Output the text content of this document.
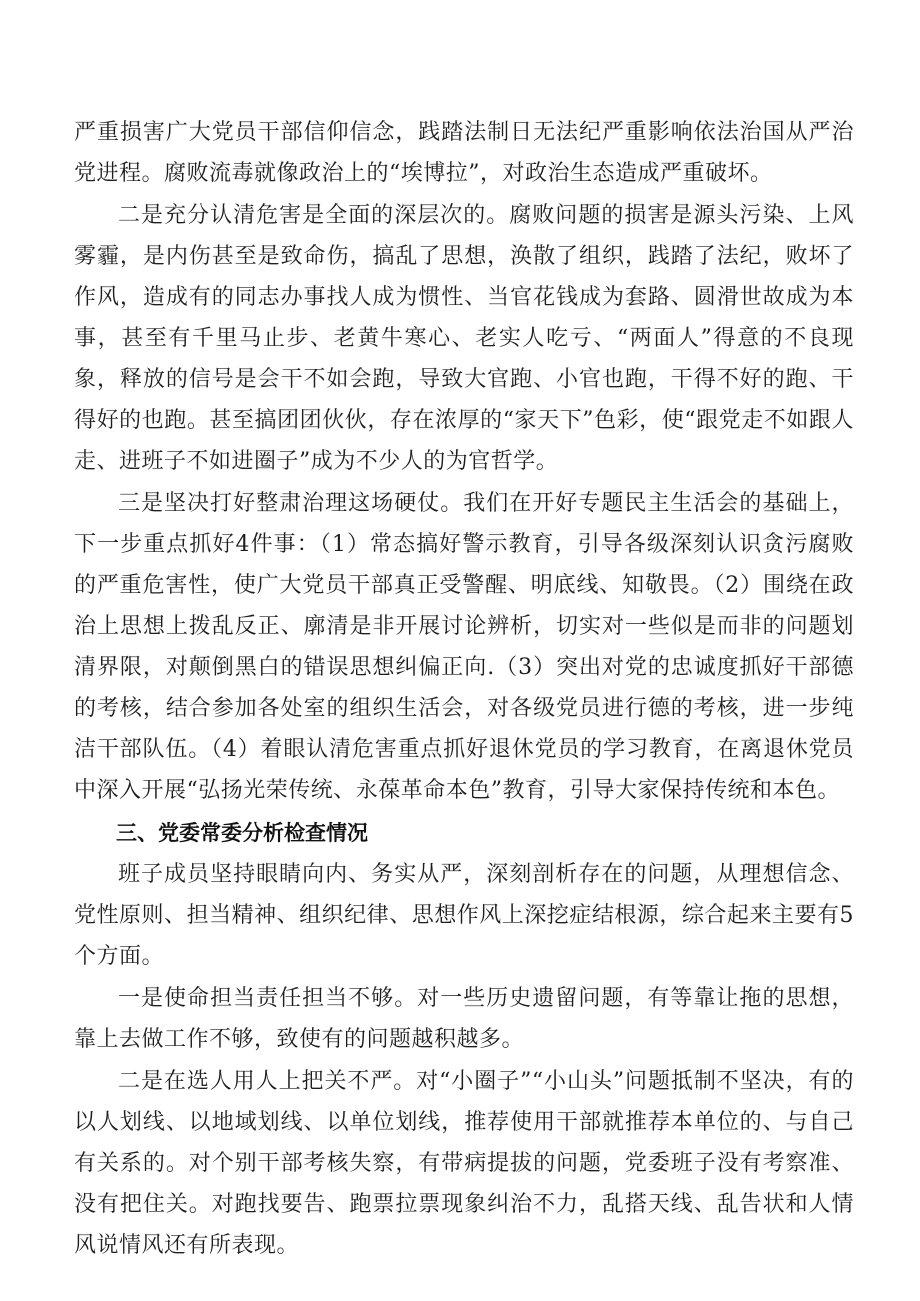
严重损害广大党员干部信仰信念，践踏法制日无法纪严重影响依法治国从严治党进程。腐败流毒就像政治上的“埃博拉”，对政治生态造成严重破坏。

二是充分认清危害是全面的深层次的。腐败问题的损害是源头污染、上风雾霾，是内伤甚至是致命伤，搞乱了思想，涣散了组织，践踏了法纪，败坏了作风，造成有的同志办事找人成为惯性、当官花钱成为套路、圆滑世故成为本事，甚至有千里马止步、老黄牛寒心、老实人吃亏、“两面人”得意的不良现象，释放的信号是会干不如会跑，导致大官跑、小官也跑，干得不好的跑、干得好的也跑。甚至搞团团伙伙，存在浓厚的“家天下”色彩，使“跟党走不如跟人走、进班子不如进圈子”成为不少人的为官哲学。

三是坚决打好整肃治理这场硬仗。我们在开好专题民主生活会的基础上，下一步重点抓好4件事：（1）常态搞好警示教育，引导各级深刻认识贪污腐败的严重危害性，使广大党员干部真正受警醒、明底线、知敬畏。（2）围绕在政治上思想上拨乱反正、廓清是非开展讨论辨析，切实对一些似是而非的问题划清界限，对颠倒黑白的错误思想纠偏正向.（3）突出对党的忠诚度抓好干部德的考核，结合参加各处室的组织生活会，对各级党员进行德的考核，进一步纯洁干部队伍。（4）着眼认清危害重点抓好退休党员的学习教育，在离退休党员中深入开展“弘扬光荣传统、永葆革命本色”教育，引导大家保持传统和本色。

三、党委常委分析检查情况

班子成员坚持眼睛向内、务实从严，深刻剖析存在的问题，从理想信念、党性原则、担当精神、组织纪律、思想作风上深挖症结根源，综合起来主要有5个方面。

一是使命担当责任担当不够。对一些历史遗留问题，有等靠让拖的思想，靠上去做工作不够，致使有的问题越积越多。

二是在选人用人上把关不严。对“小圈子”“小山头”问题抵制不坚决，有的以人划线、以地域划线、以单位划线，推荐使用干部就推荐本单位的、与自己有关系的。对个别干部考核失察，有带病提拔的问题，党委班子没有考察准、没有把住关。对跑找要告、跑票拉票现象纠治不力，乱搭天线、乱告状和人情风说情风还有所表现。
